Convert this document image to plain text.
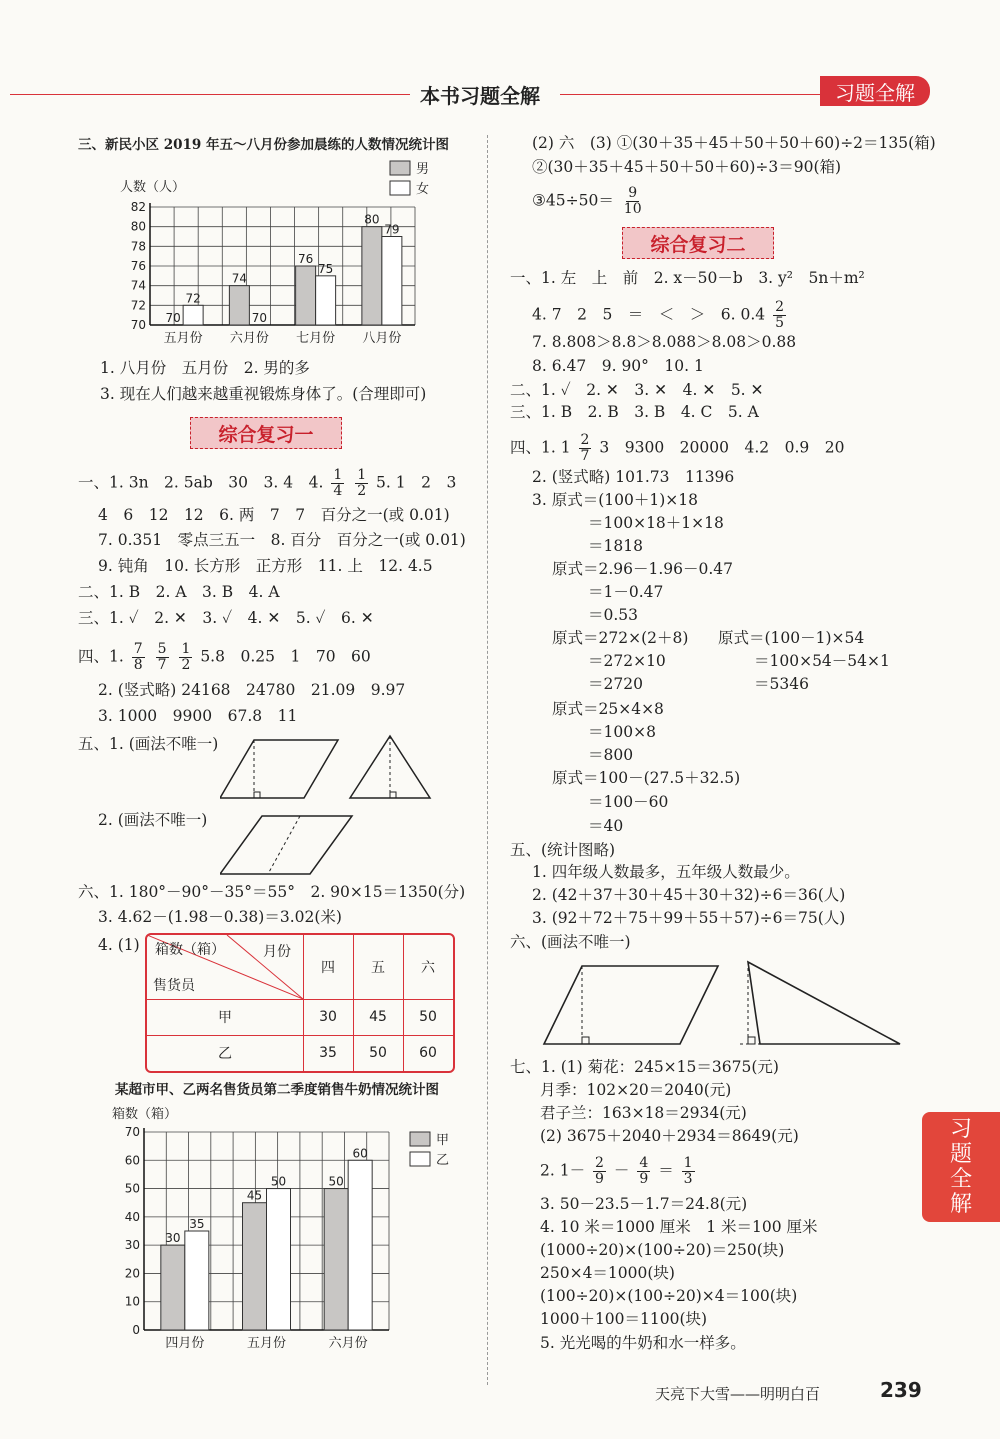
本书习题全解	习题全解
习
题
全
解
三、新民小区 2019 年五～八月份参加晨练的人数情况统计图
人数（人）
70
72
74
76
78
80
82
70
72
五月份
74
70
六月份
76
75
七月份
80
79
八月份
男
女
1. 八月份　五月份　2. 男的多
3. 现在人们越来越重视锻炼身体了。(合理即可)
综合复习一
一、1. 3n　2. 5ab　30　3. 4　4. $\frac{1}{4}$
$\frac{1}{2} 5$. 1　2　3
4　6　12　12　6. 两　7　7　百分之一(或 0.01)
7. 0.351　零点三五一　8. 百分　百分之一(或 0.01)
9. 钝角　10. 长方形　正方形　11. 上　12. 4.5
二、1. B　2. A　3. B　4. A
三、1. ✓　2. ✕　3. ✓　4. ✕　5. ✓　6. ✕
四、1. $\frac{7}{8}$
$\frac{5}{7}$
$\frac{1}{2} 5.8$　0.25　1　70　60
2. (竖式略) 24168　24780　21.09　9.97
3. 1000　9900　67.8　11
五、1. (画法不唯一)
2. (画法不唯一)
六、1. 180°－90°－35°＝55°　2. 90×15＝1350(分)
3. 4.62－(1.98－0.38)＝3.02(米)
4. (1) 箱数（箱）	月份
售货员
四	五	六
甲	30	45	50
乙	35	50	60
某超市甲、乙两名售货员第二季度销售牛奶情况统计图
箱数（箱）
0
10
20
30
40
50
60
70
30
35
四月份
45
50
五月份
50
60
六月份
甲
乙
(2) 六　(3) ①(30＋35＋45＋50＋50＋60)÷2＝135(箱)
②(30＋35＋45＋50＋50＋60)÷3＝90(箱)
③45÷50＝ $\frac{9}{10}$
综合复习二
一、1. 左　上　前　2. x－50－b　3. y²　5n＋m²
4. 7　2　5　＝　＜　＞　6. $0.4 \frac{2}{5}$
7. 8.808＞8.8＞8.088＞8.08＞0.88
8. 6.47　9. 90°　10. 1
二、1. ✓　2. ✕　3. ✕　4. ✕　5. ✕
三、1. B　2. B　3. B　4. C　5. A
四、1. $1 \frac{2}{7} 3$　9300　20000　4.2　0.9　20
2. (竖式略) 101.73　11396
3. 原式＝(100＋1)×18
＝100×18＋1×18
＝1818
原式＝2.96－1.96－0.47
＝1－0.47
＝0.53
原式＝272×(2＋8)
＝272×10
＝2720
原式＝(100－1)×54
＝100×54－54×1
＝5346
原式＝25×4×8
＝100×8
＝800
原式＝100－(27.5＋32.5)
＝100－60
＝40
五、(统计图略)
1. 四年级人数最多，五年级人数最少。
2. (42＋37＋30＋45＋30＋32)÷6＝36(人)
3. (92＋72＋75＋99＋55＋57)÷6＝75(人)
六、(画法不唯一)
七、1. (1) 菊花：245×15＝3675(元)
月季：102×20＝2040(元)
君子兰：163×18＝2934(元)
(2) 3675＋2040＋2934＝8649(元)
2. $1- \frac{2}{9} - \frac{4}{9} = \frac{1}{3}$
3. 50－23.5－1.7＝24.8(元)
4. 10 米＝1000 厘米　1 米＝100 厘米
(1000÷20)×(100÷20)＝250(块)
250×4＝1000(块)
(100÷20)×(100÷20)×4＝100(块)
1000＋100＝1100(块)
5. 光光喝的牛奶和水一样多。
天亮下大雪——明明白百	239
